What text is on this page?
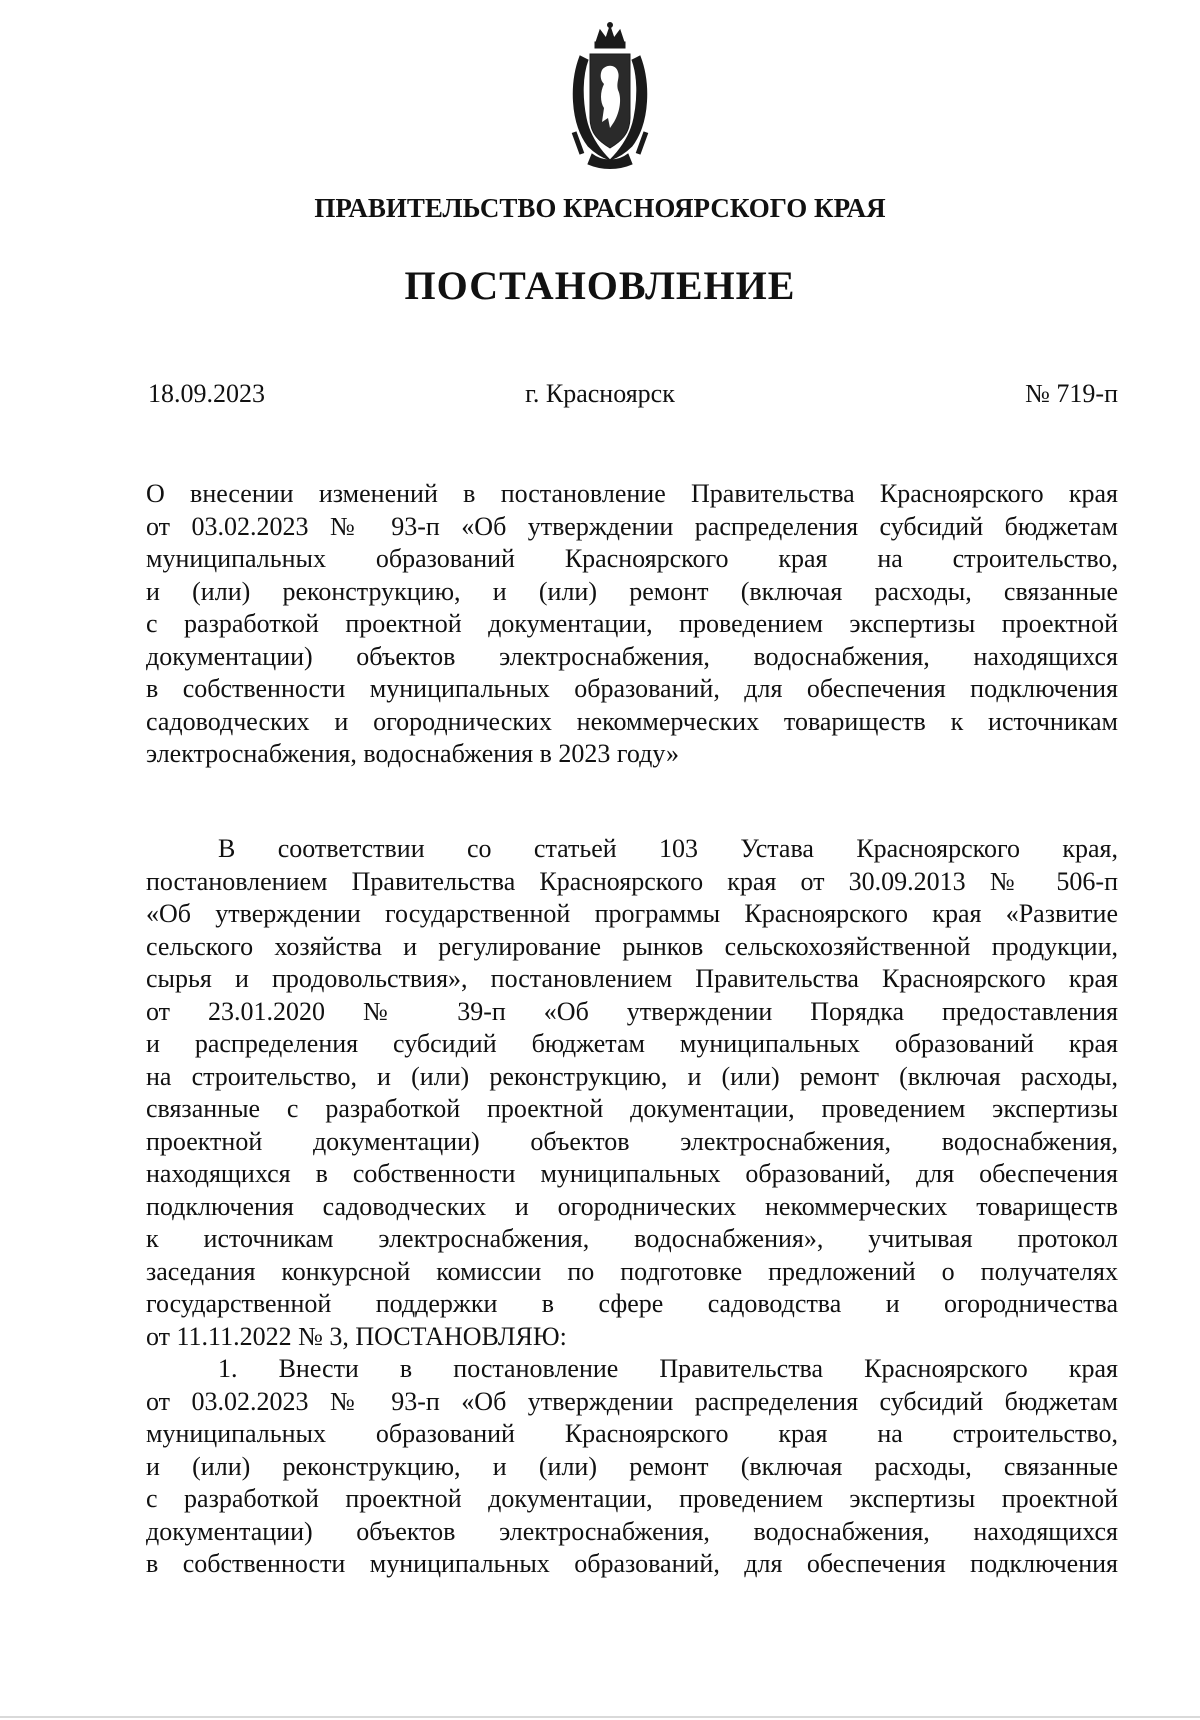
ПРАВИТЕЛЬСТВО КРАСНОЯРСКОГО КРАЯ
ПОСТАНОВЛЕНИЕ

18.09.2023	г. Красноярск	№ 719-п

О внесении изменений в постановление Правительства Красноярского края
от 03.02.2023 № 93-п «Об утверждении распределения субсидий бюджетам
муниципальных образований Красноярского края на строительство,
и (или) реконструкцию, и (или) ремонт (включая расходы, связанные
с разработкой проектной документации, проведением экспертизы проектной
документации) объектов электроснабжения, водоснабжения, находящихся
в собственности муниципальных образований, для обеспечения подключения
садоводческих и огороднических некоммерческих товариществ к источникам
электроснабжения, водоснабжения в 2023 году»
В соответствии со статьей 103 Устава Красноярского края,
постановлением Правительства Красноярского края от 30.09.2013 № 506-п
«Об утверждении государственной программы Красноярского края «Развитие
сельского хозяйства и регулирование рынков сельскохозяйственной продукции,
сырья и продовольствия», постановлением Правительства Красноярского края
от 23.01.2020 № 39-п «Об утверждении Порядка предоставления
и распределения субсидий бюджетам муниципальных образований края
на строительство, и (или) реконструкцию, и (или) ремонт (включая расходы,
связанные с разработкой проектной документации, проведением экспертизы
проектной документации) объектов электроснабжения, водоснабжения,
находящихся в собственности муниципальных образований, для обеспечения
подключения садоводческих и огороднических некоммерческих товариществ
к источникам электроснабжения, водоснабжения», учитывая протокол
заседания конкурсной комиссии по подготовке предложений о получателях
государственной поддержки в сфере садоводства и огородничества
от 11.11.2022 № 3, ПОСТАНОВЛЯЮ:
1. Внести в постановление Правительства Красноярского края
от 03.02.2023 № 93-п «Об утверждении распределения субсидий бюджетам
муниципальных образований Красноярского края на строительство,
и (или) реконструкцию, и (или) ремонт (включая расходы, связанные
с разработкой проектной документации, проведением экспертизы проектной
документации) объектов электроснабжения, водоснабжения, находящихся
в собственности муниципальных образований, для обеспечения подключения
